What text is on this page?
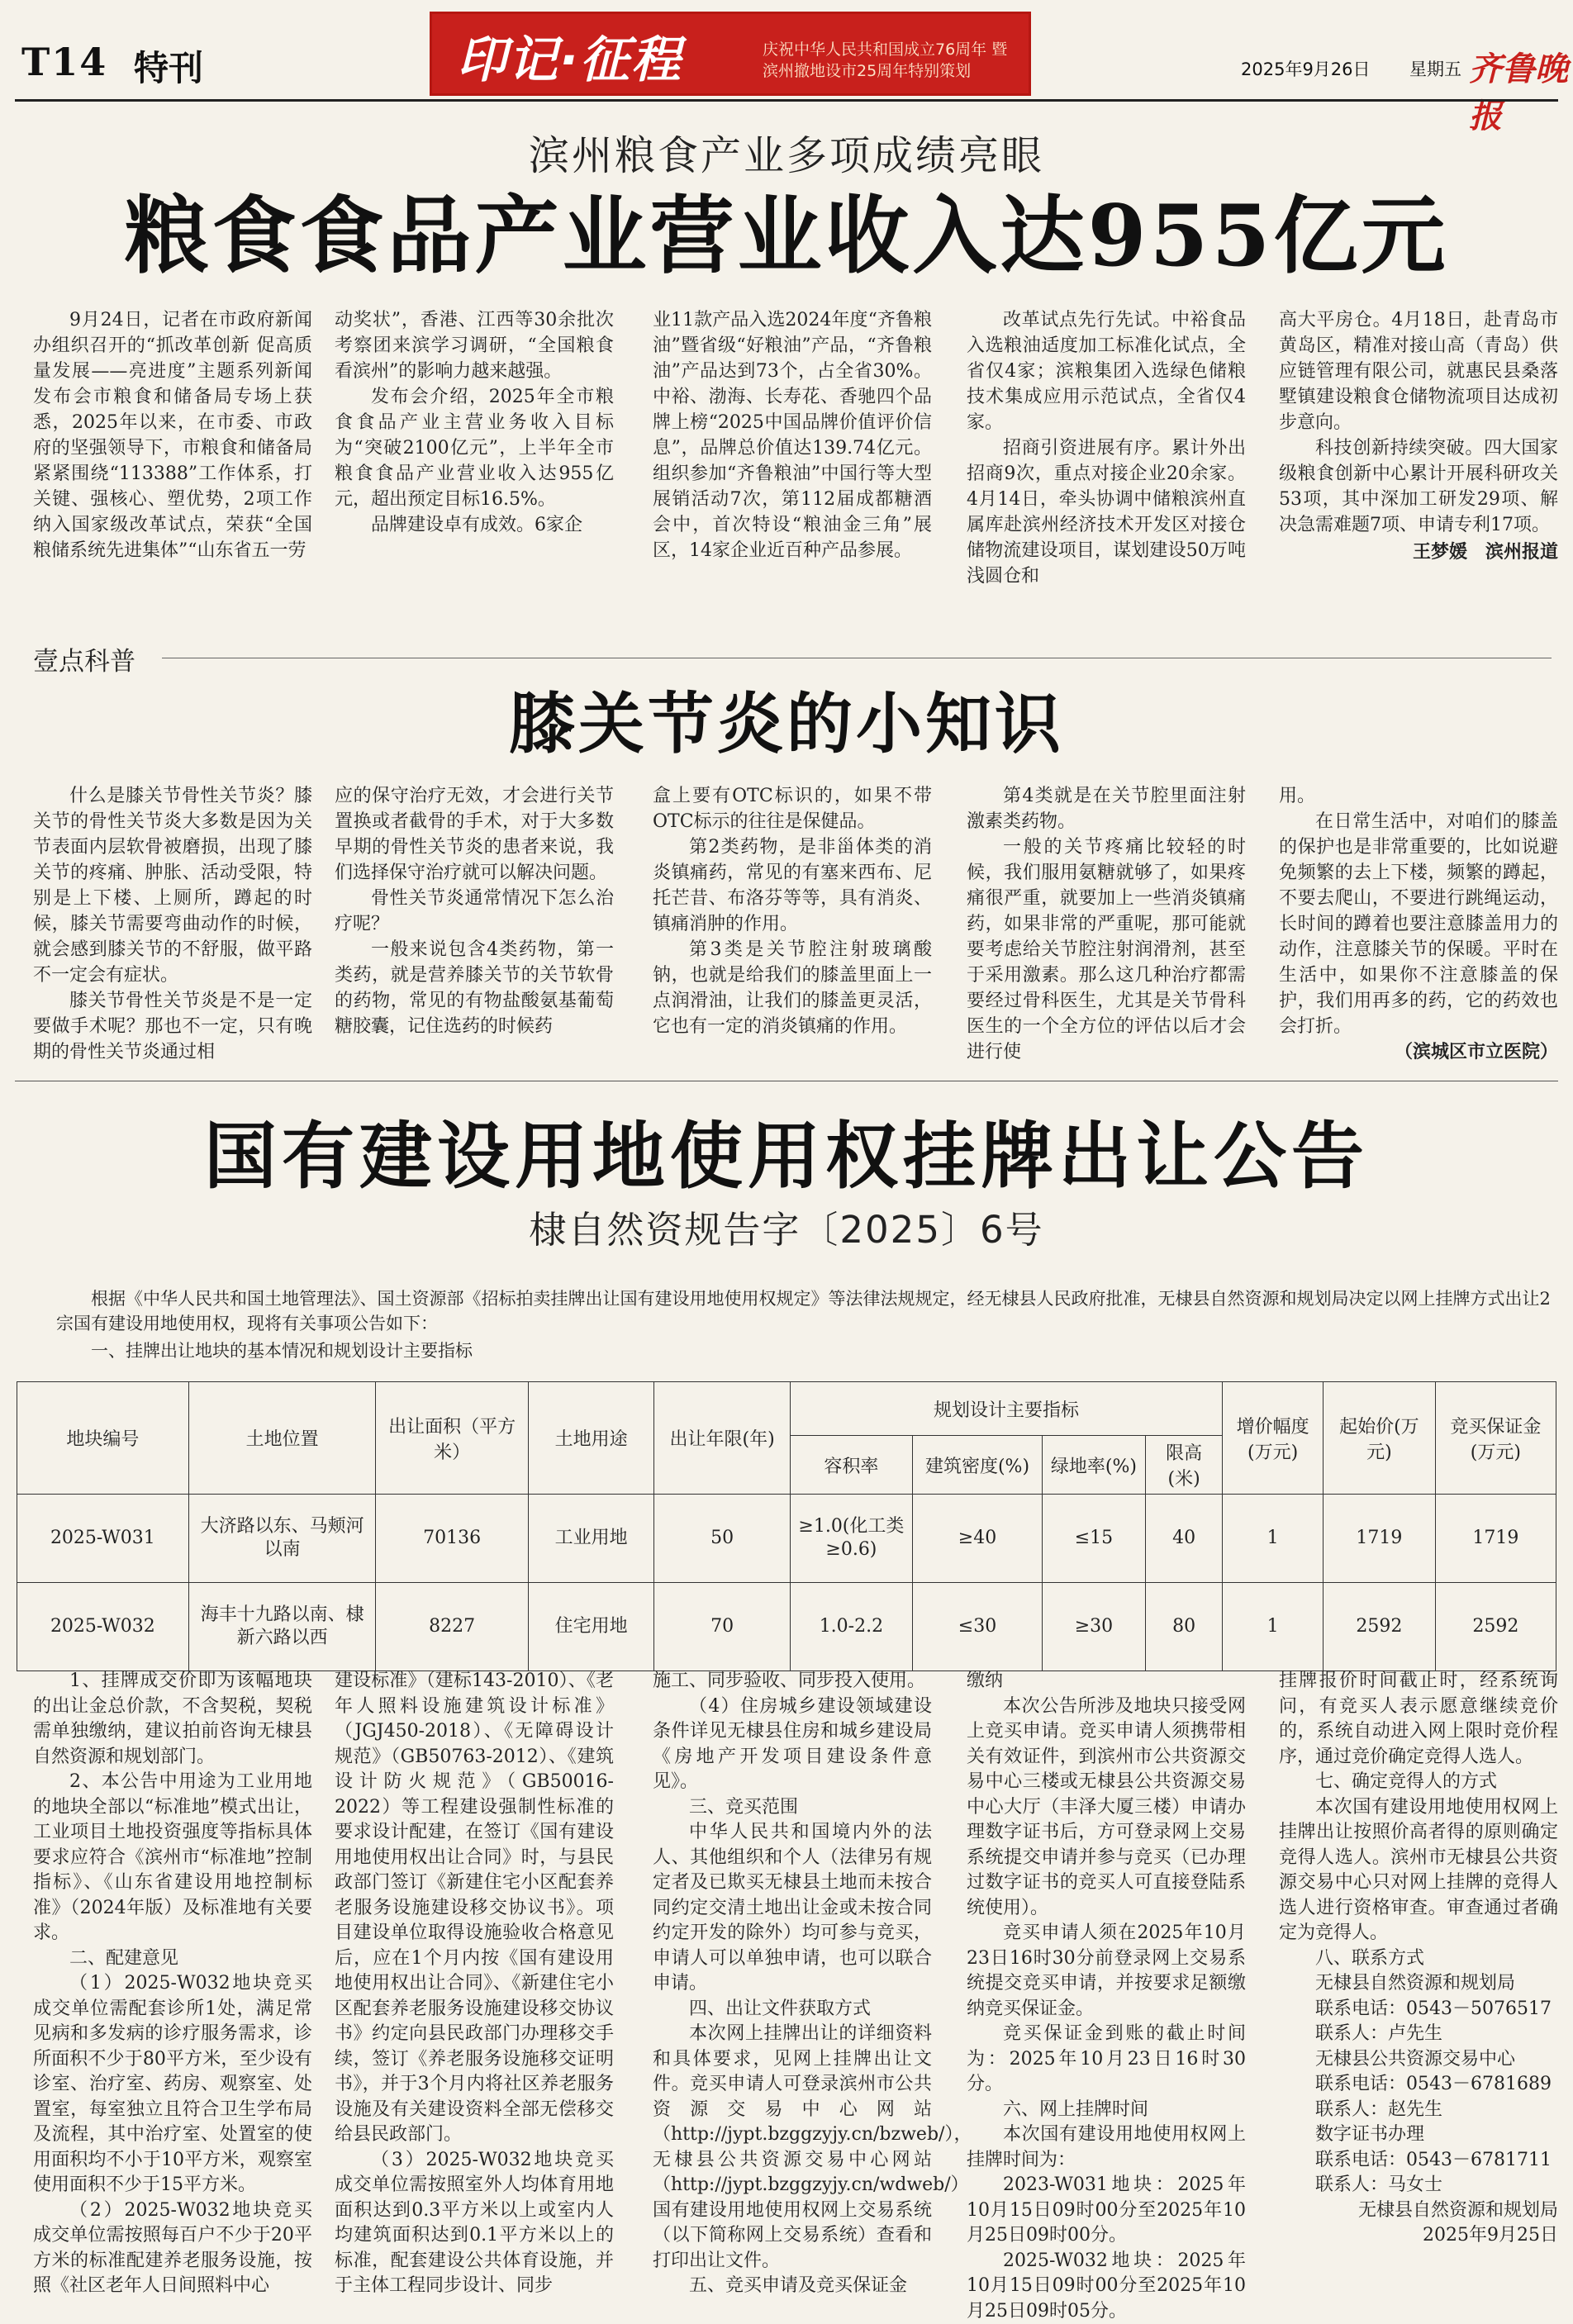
T14 特刊	印记·征程	庆祝中华人民共和国成立76周年 暨滨州撤地设市25周年特别策划	2025年9月26日 星期五 齐鲁晚报
滨州粮食产业多项成绩亮眼
粮食食品产业营业收入达955亿元

9月24日，记者在市政府新闻办组织召开的“抓改革创新 促高质量发展——亮进度”主题系列新闻发布会市粮食和储备局专场上获悉，2025年以来，在市委、市政府的坚强领导下，市粮食和储备局紧紧围绕“113388”工作体系，打关键、强核心、塑优势，2项工作纳入国家级改革试点，荣获“全国粮储系统先进集体”“山东省五一劳

动奖状”，香港、江西等30余批次考察团来滨学习调研，“全国粮食看滨州”的影响力越来越强。

发布会介绍，2025年全市粮食食品产业主营业务收入目标为“突破2100亿元”，上半年全市粮食食品产业营业收入达955亿元，超出预定目标16.5%。

品牌建设卓有成效。6家企

业11款产品入选2024年度“齐鲁粮油”暨省级“好粮油”产品，“齐鲁粮油”产品达到73个，占全省30%。中裕、渤海、长寿花、香驰四个品牌上榜“2025中国品牌价值评价信息”，品牌总价值达139.74亿元。组织参加“齐鲁粮油”中国行等大型展销活动7次，第112届成都糖酒会中，首次特设“粮油金三角”展区，14家企业近百种产品参展。

改革试点先行先试。中裕食品入选粮油适度加工标准化试点，全省仅4家；滨粮集团入选绿色储粮技术集成应用示范试点，全省仅4家。

招商引资进展有序。累计外出招商9次，重点对接企业20余家。4月14日，牵头协调中储粮滨州直属库赴滨州经济技术开发区对接仓储物流建设项目，谋划建设50万吨浅圆仓和

高大平房仓。4月18日，赴青岛市黄岛区，精准对接山高（青岛）供应链管理有限公司，就惠民县桑落墅镇建设粮食仓储物流项目达成初步意向。

科技创新持续突破。四大国家级粮食创新中心累计开展科研攻关53项，其中深加工研发29项、解决急需难题7项、申请专利17项。

王梦媛　滨州报道
壹点科普
膝关节炎的小知识

什么是膝关节骨性关节炎？膝关节的骨性关节炎大多数是因为关节表面内层软骨被磨损，出现了膝关节的疼痛、肿胀、活动受限，特别是上下楼、上厕所，蹲起的时候，膝关节需要弯曲动作的时候，就会感到膝关节的不舒服，做平路不一定会有症状。

膝关节骨性关节炎是不是一定要做手术呢？那也不一定，只有晚期的骨性关节炎通过相

应的保守治疗无效，才会进行关节置换或者截骨的手术，对于大多数早期的骨性关节炎的患者来说，我们选择保守治疗就可以解决问题。

骨性关节炎通常情况下怎么治疗呢？

一般来说包含4类药物，第一类药，就是营养膝关节的关节软骨的药物，常见的有物盐酸氨基葡萄糖胶囊，记住选药的时候药

盒上要有OTC标识的，如果不带OTC标示的往往是保健品。

第2类药物，是非甾体类的消炎镇痛药，常见的有塞来西布、尼托芒昔、布洛芬等等，具有消炎、镇痛消肿的作用。

第3类是关节腔注射玻璃酸钠，也就是给我们的膝盖里面上一点润滑油，让我们的膝盖更灵活，它也有一定的消炎镇痛的作用。

第4类就是在关节腔里面注射激素类药物。

一般的关节疼痛比较轻的时候，我们服用氨糖就够了，如果疼痛很严重，就要加上一些消炎镇痛药，如果非常的严重呢，那可能就要考虑给关节腔注射润滑剂，甚至于采用激素。那么这几种治疗都需要经过骨科医生，尤其是关节骨科医生的一个全方位的评估以后才会进行使

用。

在日常生活中，对咱们的膝盖的保护也是非常重要的，比如说避免频繁的去上下楼，频繁的蹲起，不要去爬山，不要进行跳绳运动，长时间的蹲着也要注意膝盖用力的动作，注意膝关节的保暖。平时在生活中，如果你不注意膝盖的保护，我们用再多的药，它的药效也会打折。

（滨城区市立医院）
国有建设用地使用权挂牌出让公告
棣自然资规告字〔2025〕6号
根据《中华人民共和国土地管理法》、国土资源部《招标拍卖挂牌出让国有建设用地使用权规定》等法律法规规定，经无棣县人民政府批准，无棣县自然资源和规划局决定以网上挂牌方式出让2宗国有建设用地使用权，现将有关事项公告如下：
一、挂牌出让地块的基本情况和规划设计主要指标
地块编号	土地位置	出让面积（平方米）	土地用途	出让年限(年)	规划设计主要指标				增价幅度(万元)	起始价(万元)	竞买保证金(万元)
					容积率	建筑密度(%)	绿地率(%)	限高(米)			
2025-W031	大济路以东、马颊河以南	70136	工业用地	50	≥1.0(化工类≥0.6)	≥40	≤15	40	1	1719	1719
2025-W032	海丰十九路以南、棣新六路以西	8227	住宅用地	70	1.0-2.2	≤30	≥30	80	1	2592	2592

1、挂牌成交价即为该幅地块的出让金总价款，不含契税，契税需单独缴纳，建议拍前咨询无棣县自然资源和规划部门。

2、本公告中用途为工业用地的地块全部以“标准地”模式出让，工业项目土地投资强度等指标具体要求应符合《滨州市“标准地”控制指标》、《山东省建设用地控制标准》（2024年版）及标准地有关要求。

二、配建意见

（1）2025-W032地块竞买成交单位需配套诊所1处，满足常见病和多发病的诊疗服务需求，诊所面积不少于80平方米，至少设有诊室、治疗室、药房、观察室、处置室，每室独立且符合卫生学布局及流程，其中治疗室、处置室的使用面积均不小于10平方米，观察室使用面积不少于15平方米。

（2）2025-W032地块竞买成交单位需按照每百户不少于20平方米的标准配建养老服务设施，按照《社区老年人日间照料中心

建设标准》（建标143-2010）、《老年人照料设施建筑设计标准》（JGJ450-2018）、《无障碍设计规范》（GB50763-2012）、《建筑设计防火规范》（GB50016-2022）等工程建设强制性标准的要求设计配建，在签订《国有建设用地使用权出让合同》时，与县民政部门签订《新建住宅小区配套养老服务设施建设移交协议书》。项目建设单位取得设施验收合格意见后，应在1个月内按《国有建设用地使用权出让合同》、《新建住宅小区配套养老服务设施建设移交协议书》约定向县民政部门办理移交手续，签订《养老服务设施移交证明书》，并于3个月内将社区养老服务设施及有关建设资料全部无偿移交给县民政部门。

（3）2025-W032地块竞买成交单位需按照室外人均体育用地面积达到0.3平方米以上或室内人均建筑面积达到0.1平方米以上的标准，配套建设公共体育设施，并于主体工程同步设计、同步

施工、同步验收、同步投入使用。

（4）住房城乡建设领域建设条件详见无棣县住房和城乡建设局《房地产开发项目建设条件意见》。

三、竞买范围

中华人民共和国境内外的法人、其他组织和个人（法律另有规定者及已欺买无棣县土地而未按合同约定交清土地出让金或未按合同约定开发的除外）均可参与竞买，申请人可以单独申请，也可以联合申请。

四、出让文件获取方式

本次网上挂牌出让的详细资料和具体要求，见网上挂牌出让文件。竞买申请人可登录滨州市公共资源交易中心网站（http://jypt.bzggzyjy.cn/bzweb/），无棣县公共资源交易中心网站（http://jypt.bzggzyjy.cn/wdweb/）国有建设用地使用权网上交易系统（以下简称网上交易系统）查看和打印出让文件。

五、竞买申请及竞买保证金

缴纳

本次公告所涉及地块只接受网上竞买申请。竞买申请人须携带相关有效证件，到滨州市公共资源交易中心三楼或无棣县公共资源交易中心大厅（丰泽大厦三楼）申请办理数字证书后，方可登录网上交易系统提交申请并参与竞买（已办理过数字证书的竞买人可直接登陆系统使用）。

竞买申请人须在2025年10月23日16时30分前登录网上交易系统提交竞买申请，并按要求足额缴纳竞买保证金。

竞买保证金到账的截止时间为：2025年10月23日16时30分。

六、网上挂牌时间

本次国有建设用地使用权网上挂牌时间为：

2023-W031地块：2025年10月15日09时00分至2025年10月25日09时00分。

2025-W032地块：2025年10月15日09时00分至2025年10月25日09时05分。

挂牌报价时间截止时，经系统询问，有竞买人表示愿意继续竞价的，系统自动进入网上限时竞价程序，通过竞价确定竞得人选人。

七、确定竞得人的方式

本次国有建设用地使用权网上挂牌出让按照价高者得的原则确定竞得人选人。滨州市无棣县公共资源交易中心只对网上挂牌的竞得人选人进行资格审查。审查通过者确定为竞得人。

八、联系方式

无棣县自然资源和规划局

联系电话：0543－5076517

联系人：卢先生

无棣县公共资源交易中心

联系电话：0543－6781689

联系人：赵先生

数字证书办理

联系电话：0543－6781711

联系人：马女士

无棣县自然资源和规划局

2025年9月25日
